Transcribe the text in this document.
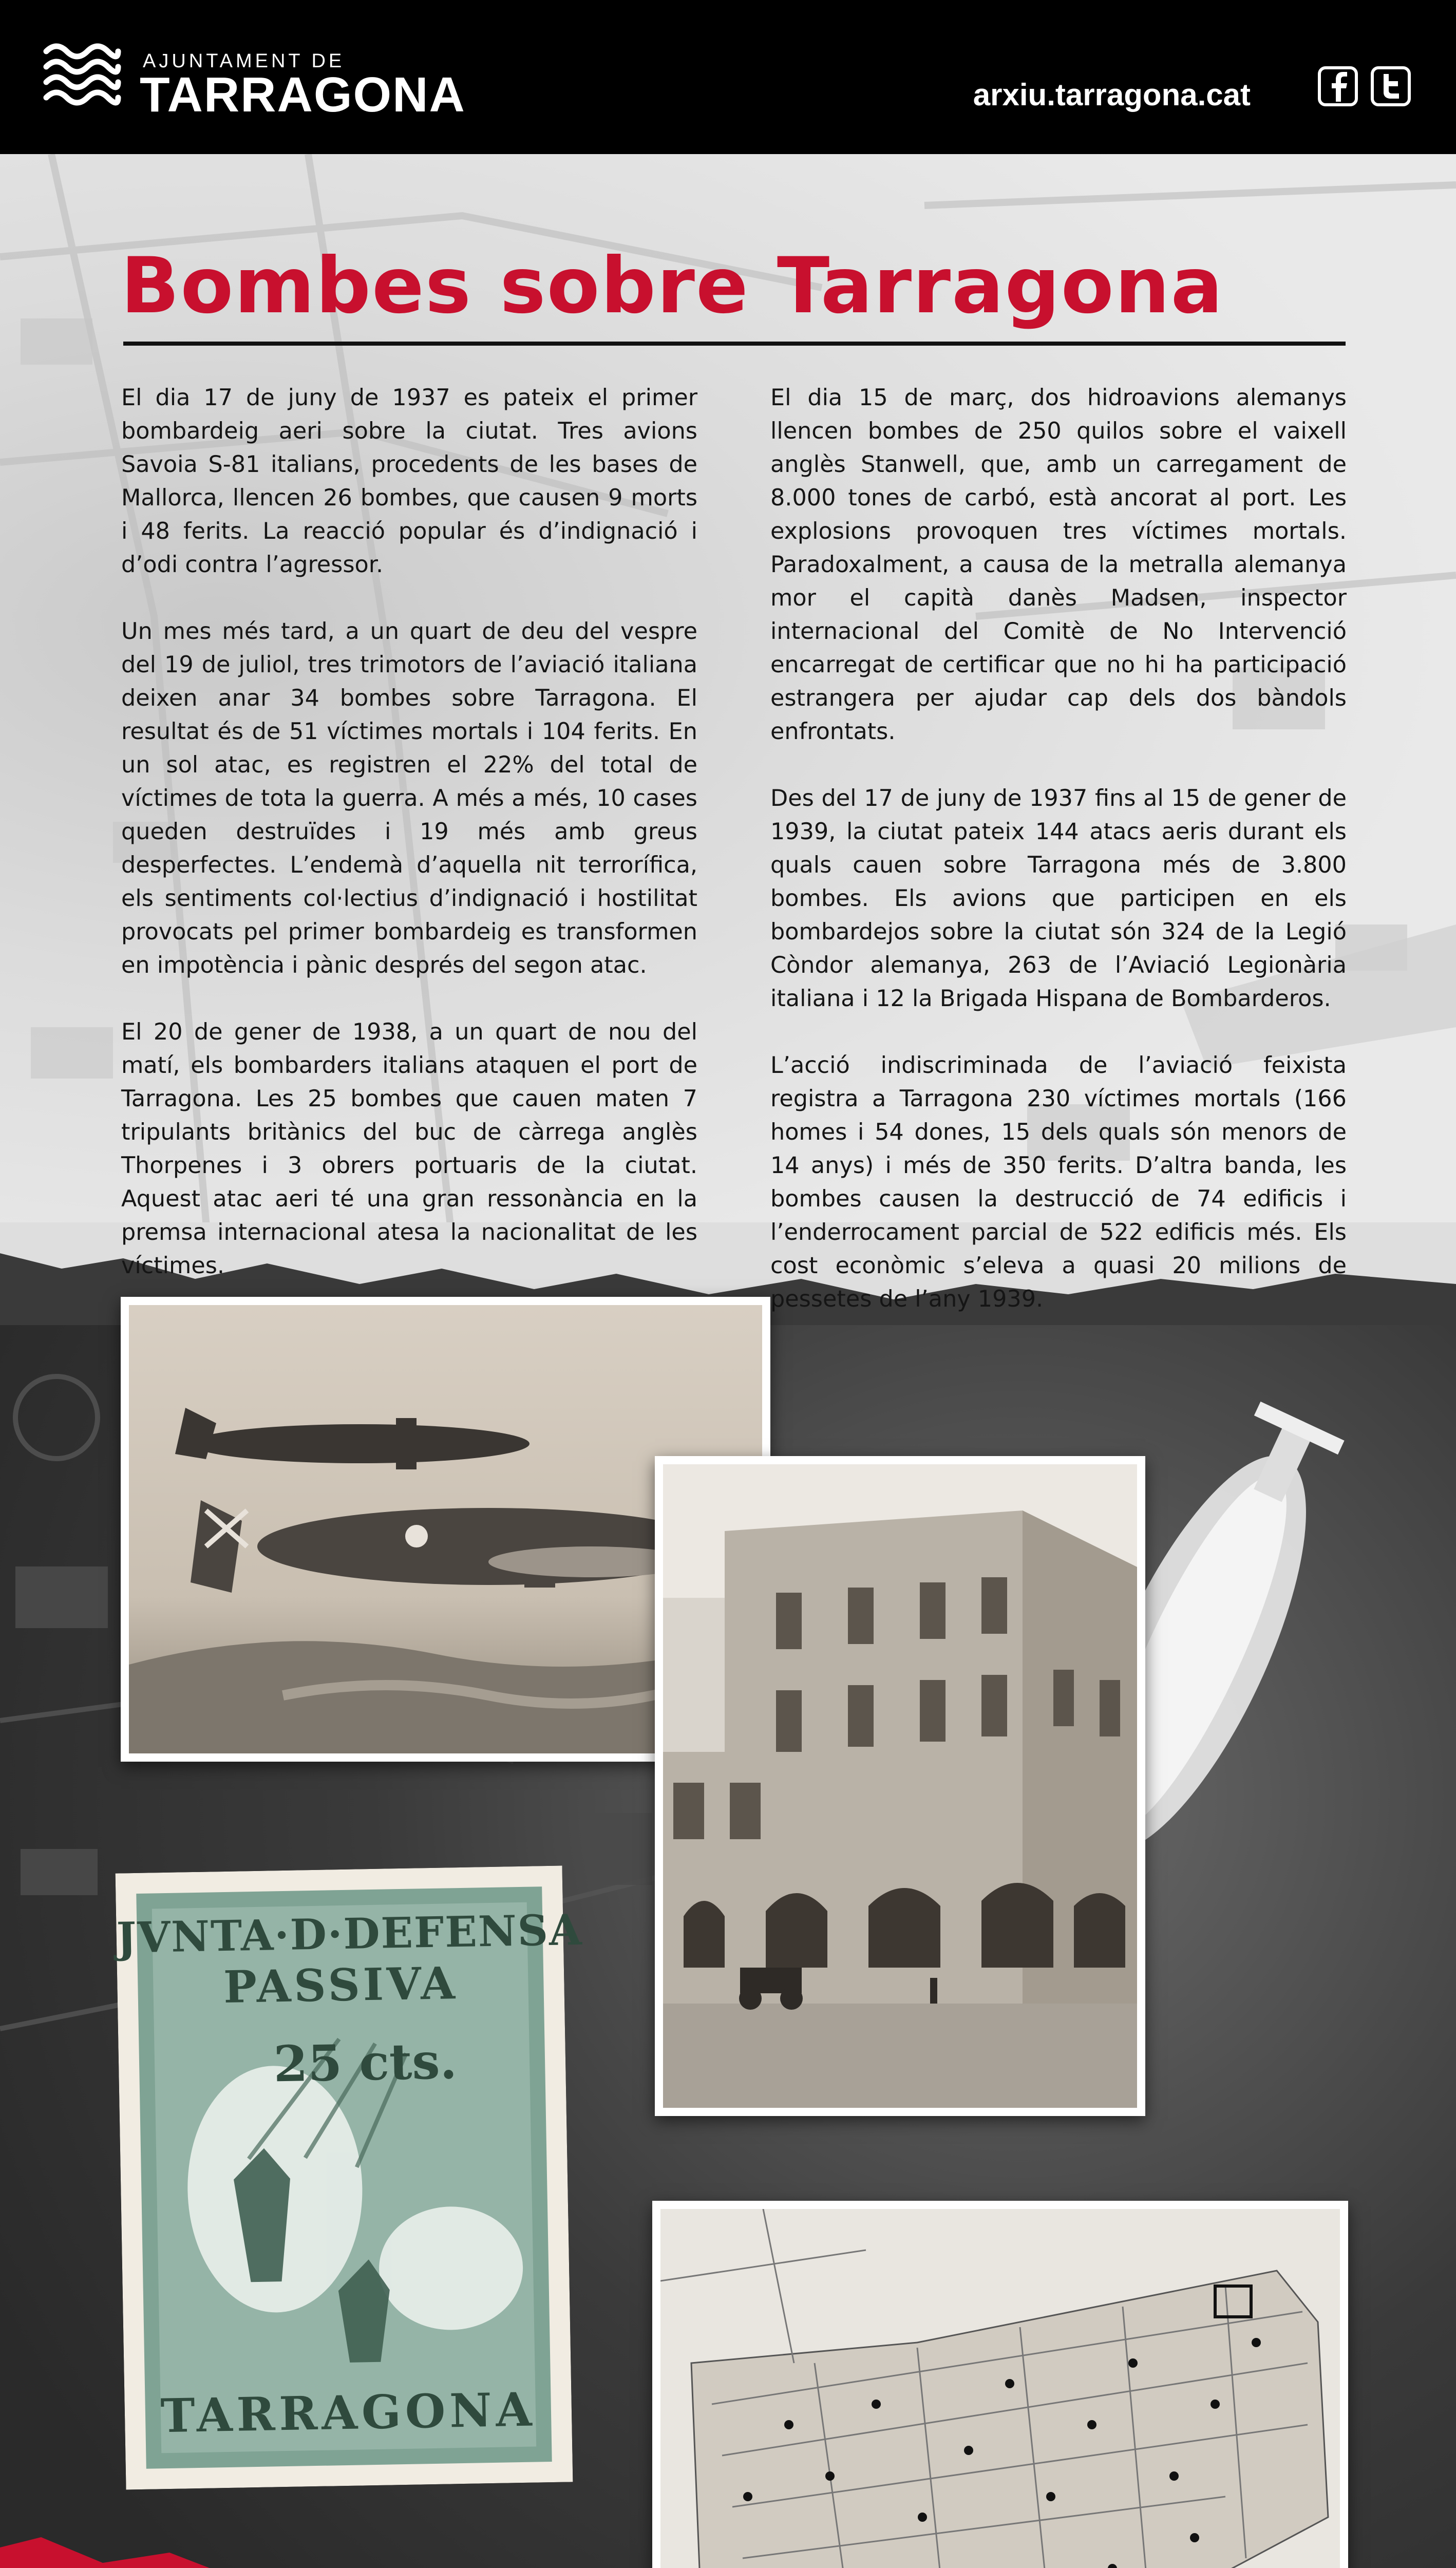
AJUNTAMENT DE
TARRAGONA	arxiu.tarragona.cat
Bombes sobre Tarragona

El dia 17 de juny de 1937 es pateix el primer bombardeig aeri sobre la ciutat. Tres avions Savoia S-81 italians, procedents de les bases de Mallorca, llencen 26 bombes, que causen 9 morts i 48 ferits. La reacció popular és d’indignació i d’odi contra l’agressor.

Un mes més tard, a un quart de deu del vespre del 19 de juliol, tres trimotors de l’aviació italiana deixen anar 34 bombes sobre Tarragona. El resultat és de 51 víctimes mortals i 104 ferits. En un sol atac, es registren el 22% del total de víctimes de tota la guerra. A més a més, 10 cases queden destruïdes i 19 més amb greus desperfectes. L’endemà d’aquella nit terrorífica, els sentiments col·lectius d’indignació i hostilitat provocats pel primer bombardeig es transformen en impotència i pànic després del segon atac.

El 20 de gener de 1938, a un quart de nou del matí, els bombarders italians ataquen el port de Tarragona. Les 25 bombes que cauen maten 7 tripulants britànics del buc de càrrega anglès Thorpenes i 3 obrers portuaris de la ciutat. Aquest atac aeri té una gran ressonància en la premsa internacional atesa la nacionalitat de les víctimes.

El dia 15 de març, dos hidroavions alemanys llencen bombes de 250 quilos sobre el vaixell anglès Stanwell, que, amb un carregament de 8.000 tones de carbó, està ancorat al port. Les explosions provoquen tres víctimes mortals. Paradoxalment, a causa de la metralla alemanya mor el capità danès Madsen, inspector internacional del Comitè de No Intervenció encarregat de certificar que no hi ha participació estrangera per ajudar cap dels dos bàndols enfrontats.

Des del 17 de juny de 1937 fins al 15 de gener de 1939, la ciutat pateix 144 atacs aeris durant els quals cauen sobre Tarragona més de 3.800 bombes. Els avions que participen en els bombardejos sobre la ciutat són 324 de la Legió Còndor alemanya, 263 de l’Aviació Legionària italiana i 12 la Brigada Hispana de Bombarderos.

L’acció indiscriminada de l’aviació feixista registra a Tarragona 230 víctimes mortals (166 homes i 54 dones, 15 dels quals són menors de 14 anys) i més de 350 ferits. D’altra banda, les bombes causen la destrucció de 74 edificis i l’enderrocament parcial de 522 edificis més. Els cost econòmic s’eleva a quasi 20 milions de pessetes de l’any 1939.

JVNTA·D·DEFENSA
PASSIVA
25 cts.
TARRAGONA
